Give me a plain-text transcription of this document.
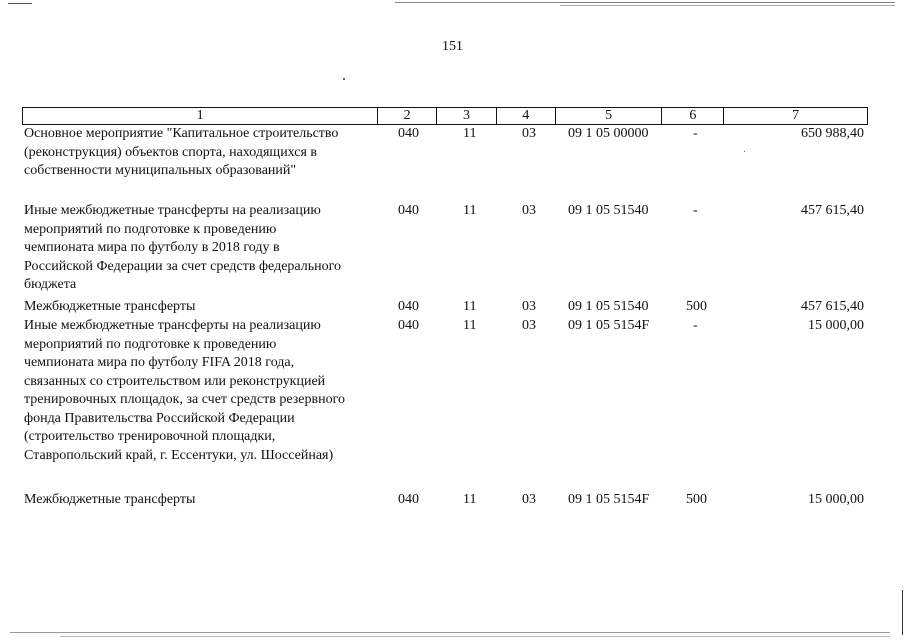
151
1	2	3	4	5	6	7
Основное мероприятие "Капитальное строительство
(реконструкция) объектов спорта, находящихся в
собственности муниципальных образований"
040	11	03	09 1 05 00000	-	650 988,40
Иные межбюджетные трансферты на реализацию
мероприятий по подготовке к проведению
чемпионата мира по футболу в 2018 году в
Российской Федерации за счет средств федерального
бюджета
040	11	03	09 1 05 51540	-	457 615,40
Межбюджетные трансферты	040	11	03	09 1 05 51540	500	457 615,40
Иные межбюджетные трансферты на реализацию
мероприятий по подготовке к проведению
чемпионата мира по футболу FIFA 2018 года,
связанных со строительством или реконструкцией
тренировочных площадок, за счет средств резервного
фонда Правительства Российской Федерации
(строительство тренировочной площадки,
Ставропольский край, г. Ессентуки, ул. Шоссейная)
040	11	03	09 1 05 5154F	-	15 000,00
Межбюджетные трансферты	040	11	03	09 1 05 5154F	500	15 000,00
